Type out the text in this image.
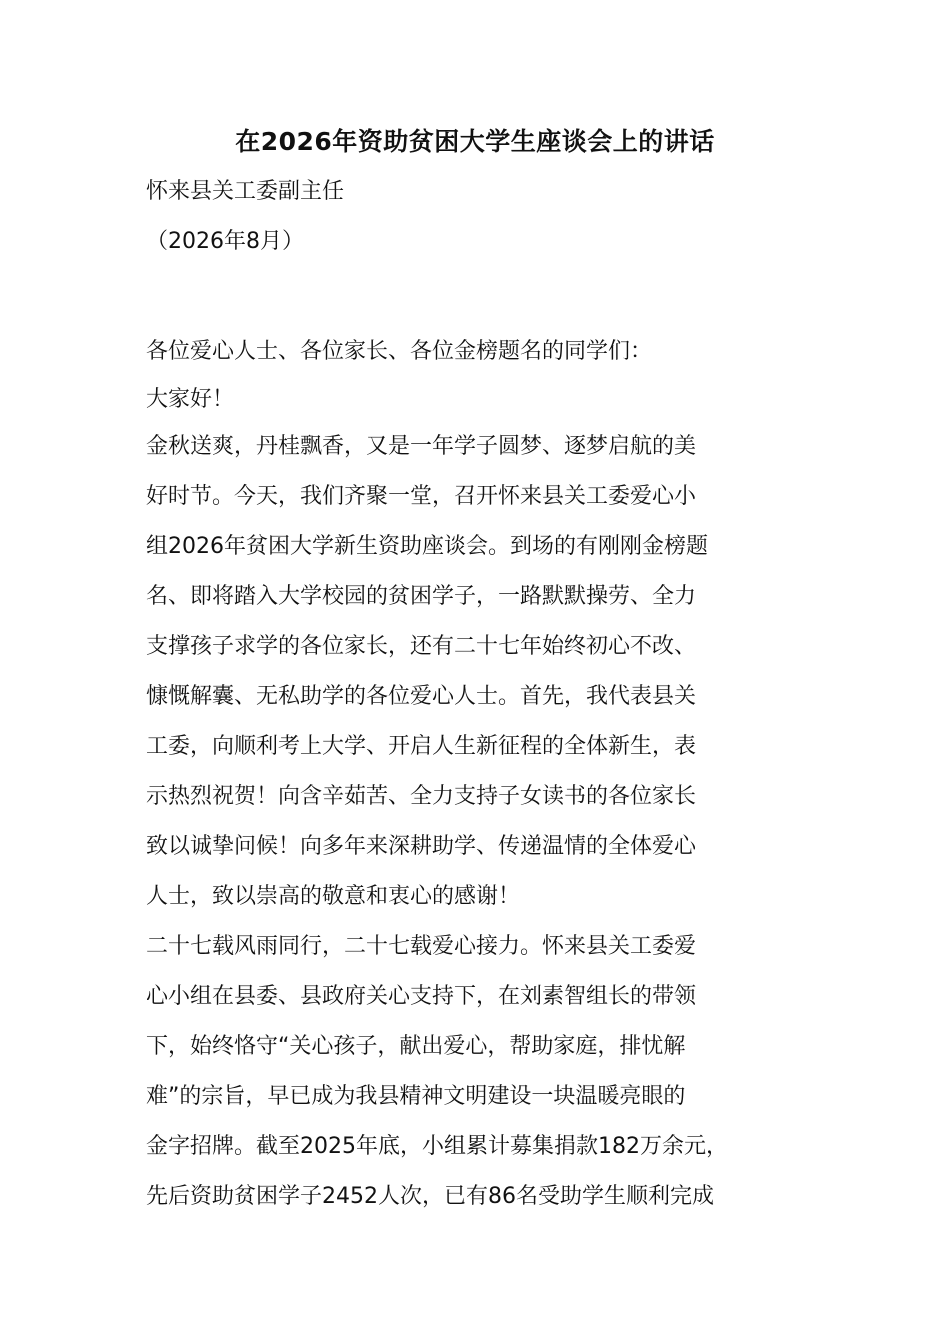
在2026年资助贫困大学生座谈会上的讲话

怀来县关工委副主任

（2026年8月）

各位爱心人士、各位家长、各位金榜题名的同学们：

大家好！

金秋送爽，丹桂飘香，又是一年学子圆梦、逐梦启航的美
好时节。今天，我们齐聚一堂，召开怀来县关工委爱心小
组2026年贫困大学新生资助座谈会。到场的有刚刚金榜题
名、即将踏入大学校园的贫困学子，一路默默操劳、全力
支撑孩子求学的各位家长，还有二十七年始终初心不改、
慷慨解囊、无私助学的各位爱心人士。首先，我代表县关
工委，向顺利考上大学、开启人生新征程的全体新生，表
示热烈祝贺！向含辛茹苦、全力支持子女读书的各位家长
致以诚挚问候！向多年来深耕助学、传递温情的全体爱心
人士，致以崇高的敬意和衷心的感谢！
二十七载风雨同行，二十七载爱心接力。怀来县关工委爱
心小组在县委、县政府关心支持下，在刘素智组长的带领
下，始终恪守“关心孩子，献出爱心，帮助家庭，排忧解
难”的宗旨，早已成为我县精神文明建设一块温暖亮眼的
金字招牌。截至2025年底，小组累计募集捐款182万余元，
先后资助贫困学子2452人次，已有86名受助学生顺利完成
